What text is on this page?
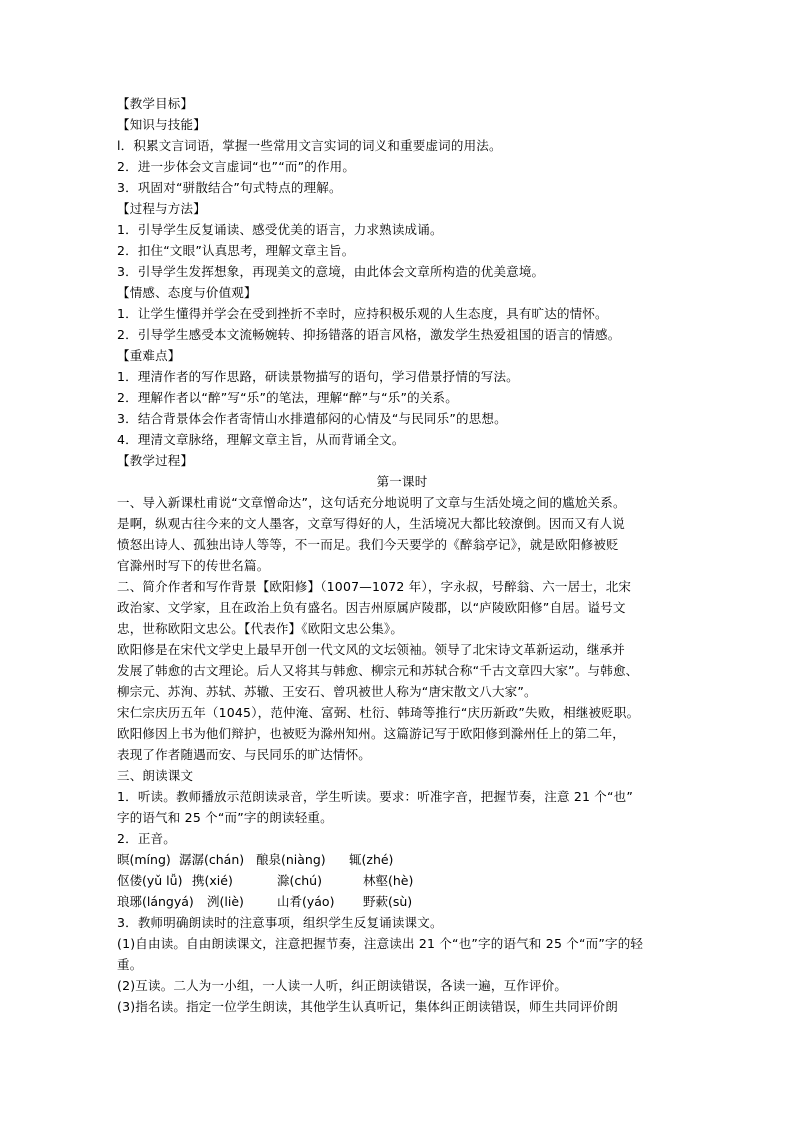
【教学目标】
【知识与技能】
l．积累文言词语，掌握一些常用文言实词的词义和重要虚词的用法。
2．进一步体会文言虚词“也”“而”的作用。
3．巩固对“骈散结合”句式特点的理解。
【过程与方法】
1．引导学生反复诵读、感受优美的语言，力求熟读成诵。
2．扣住“文眼”认真思考，理解文章主旨。
3．引导学生发挥想象，再现美文的意境，由此体会文章所构造的优美意境。
【情感、态度与价值观】
1．让学生懂得并学会在受到挫折不幸时，应持积极乐观的人生态度，具有旷达的情怀。
2．引导学生感受本文流畅婉转、抑扬错落的语言风格，激发学生热爱祖国的语言的情感。
【重难点】
1．理清作者的写作思路，研读景物描写的语句，学习借景抒情的写法。
2．理解作者以“醉”写“乐”的笔法，理解“醉”与“乐”的关系。
3．结合背景体会作者寄情山水排遣郁闷的心情及“与民同乐”的思想。
4．理清文章脉络，理解文章主旨，从而背诵全文。
【教学过程】
第一课时
一、导入新课杜甫说“文章憎命达”，这句话充分地说明了文章与生活处境之间的尴尬关系。
是啊，纵观古往今来的文人墨客，文章写得好的人，生活境况大都比较潦倒。因而又有人说
愤怒出诗人、孤独出诗人等等，不一而足。我们今天要学的《醉翁亭记》，就是欧阳修被贬
官滁州时写下的传世名篇。
二、简介作者和写作背景【欧阳修】（1007—1072 年），字永叔，号醉翁、六一居士，北宋
政治家、文学家，且在政治上负有盛名。因吉州原属庐陵郡，以“庐陵欧阳修”自居。谥号文
忠，世称欧阳文忠公。【代表作】《欧阳文忠公集》。
欧阳修是在宋代文学史上最早开创一代文风的文坛领袖。领导了北宋诗文革新运动，继承并
发展了韩愈的古文理论。后人又将其与韩愈、柳宗元和苏轼合称“千古文章四大家”。与韩愈、
柳宗元、苏洵、苏轼、苏辙、王安石、曾巩被世人称为“唐宋散文八大家”。
宋仁宗庆历五年（1045），范仲淹、富弼、杜衍、韩琦等推行“庆历新政”失败，相继被贬职。
欧阳修因上书为他们辩护，也被贬为滁州知州。这篇游记写于欧阳修到滁州任上的第二年，
表现了作者随遇而安、与民同乐的旷达情怀。
三、朗读课文
1．听读。教师播放示范朗读录音，学生听读。要求：听准字音，把握节奏，注意 21 个“也”
字的语气和 25 个“而”字的朗读轻重。
2．正音。
暝(míng) 潺潺(chán) 酿泉(niàng)	辄(zhé)
伛偻(yǔ lǚ) 携(xié)	滁(chú)	林壑(hè)
琅琊(lángyá)	洌(liè)	山肴(yáo)	野蔌(sù)
3．教师明确朗读时的注意事项，组织学生反复诵读课文。
(1)自由读。自由朗读课文，注意把握节奏，注意读出 21 个“也”字的语气和 25 个“而”字的轻
重。
(2)互读。二人为一小组，一人读一人听，纠正朗读错误，各读一遍，互作评价。
(3)指名读。指定一位学生朗读，其他学生认真听记，集体纠正朗读错误，师生共同评价朗
